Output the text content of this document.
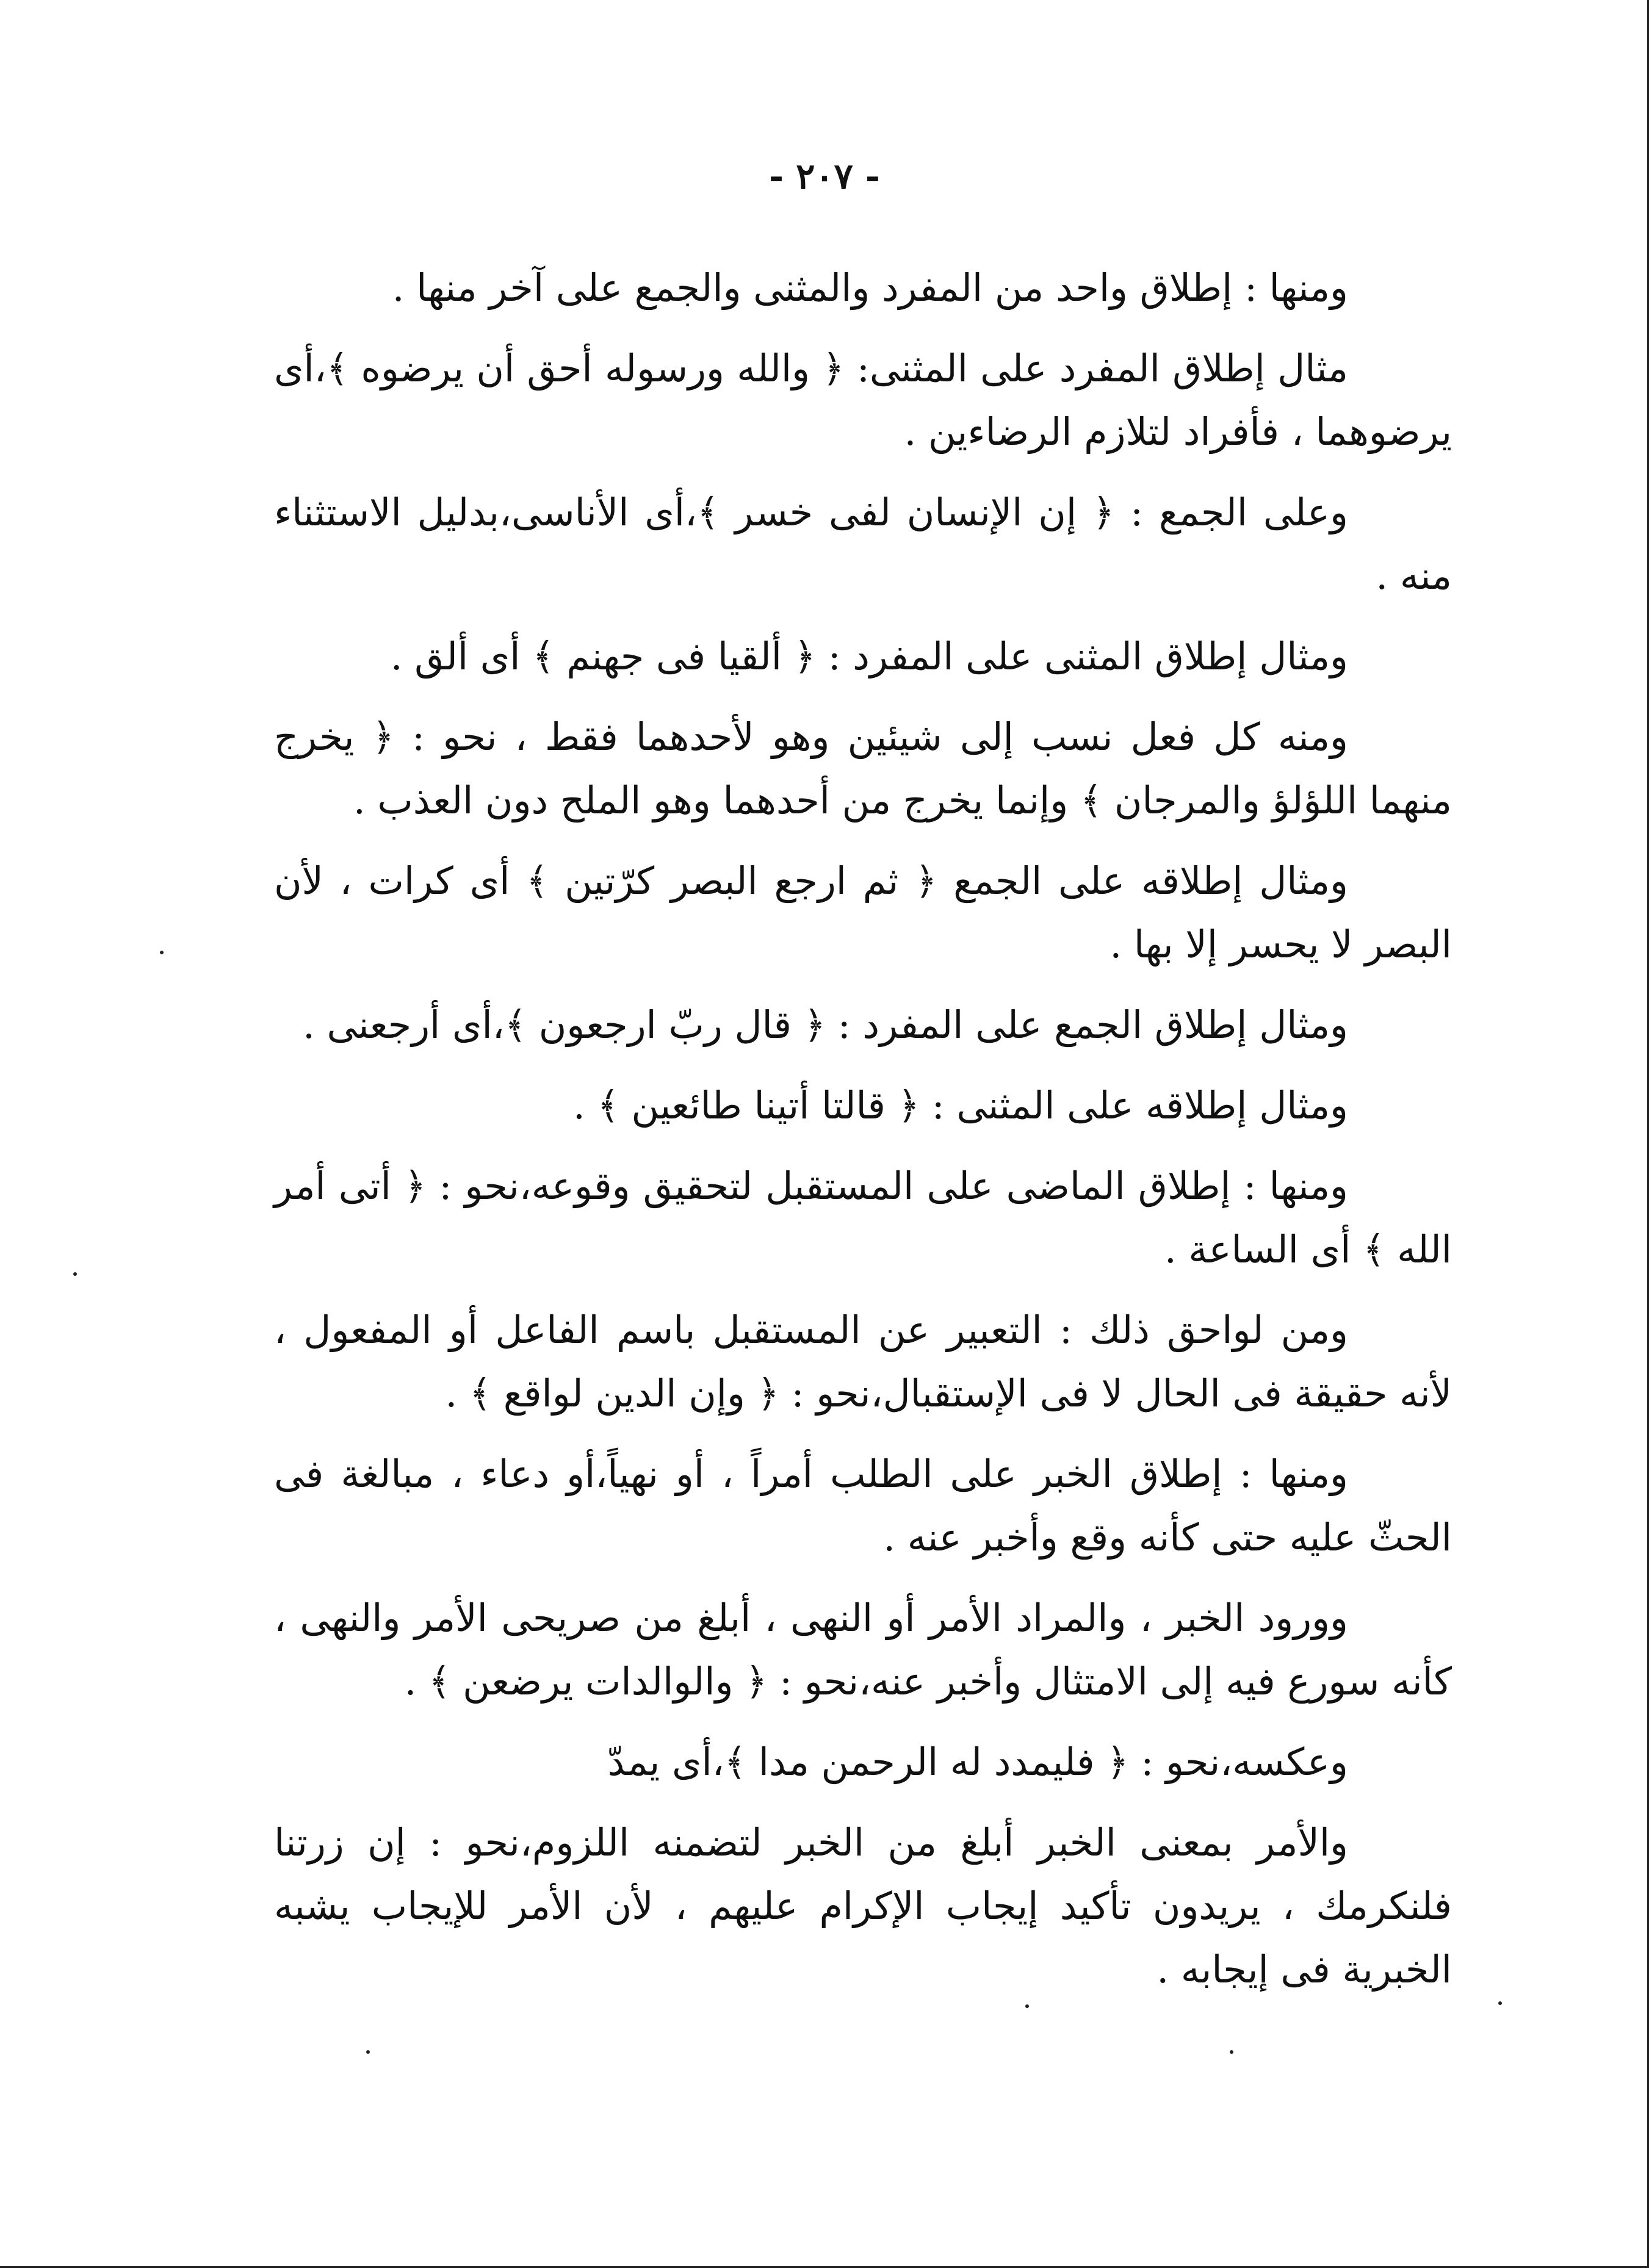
- ٢٠٧ -

ومنها : إطلاق واحد من المفرد والمثنى والجمع على آخر منها .

مثال إطلاق المفرد على المثنى: ﴿ والله ورسوله أحق أن يرضوه ﴾،أى يرضوهما ، فأفراد لتلازم الرضاءين .

وعلى الجمع : ﴿ إن الإنسان لفى خسر ﴾،أى الأناسى،بدليل الاستثناء منه .

ومثال إطلاق المثنى على المفرد : ﴿ ألقيا فى جهنم ﴾ أى ألق .

ومنه كل فعل نسب إلى شيئين وهو لأحدهما فقط ، نحو : ﴿ يخرج منهما اللؤلؤ والمرجان ﴾ وإنما يخرج من أحدهما وهو الملح دون العذب .

ومثال إطلاقه على الجمع ﴿ ثم ارجع البصر كرّتين ﴾ أى كرات ، لأن البصر لا يحسر إلا بها .

ومثال إطلاق الجمع على المفرد : ﴿ قال ربّ ارجعون ﴾،أى أرجعنى .

ومثال إطلاقه على المثنى : ﴿ قالتا أتينا طائعين ﴾ .

ومنها : إطلاق الماضى على المستقبل لتحقيق وقوعه،نحو : ﴿ أتى أمر الله ﴾ أى الساعة .

ومن لواحق ذلك : التعبير عن المستقبل باسم الفاعل أو المفعول ، لأنه حقيقة فى الحال لا فى الإستقبال،نحو : ﴿ وإن الدين لواقع ﴾ .

ومنها : إطلاق الخبر على الطلب أمراً ، أو نهياً،أو دعاء ، مبالغة فى الحثّ عليه حتى كأنه وقع وأخبر عنه .

وورود الخبر ، والمراد الأمر أو النهى ، أبلغ من صريحى الأمر والنهى ، كأنه سورع فيه إلى الامتثال وأخبر عنه،نحو : ﴿ والوالدات يرضعن ﴾ .

وعكسه،نحو : ﴿ فليمدد له الرحمن مدا ﴾،أى يمدّ

والأمر بمعنى الخبر أبلغ من الخبر لتضمنه اللزوم،نحو : إن زرتنا فلنكرمك ، يريدون تأكيد إيجاب الإكرام عليهم ، لأن الأمر للإيجاب يشبه الخبرية فى إيجابه .
